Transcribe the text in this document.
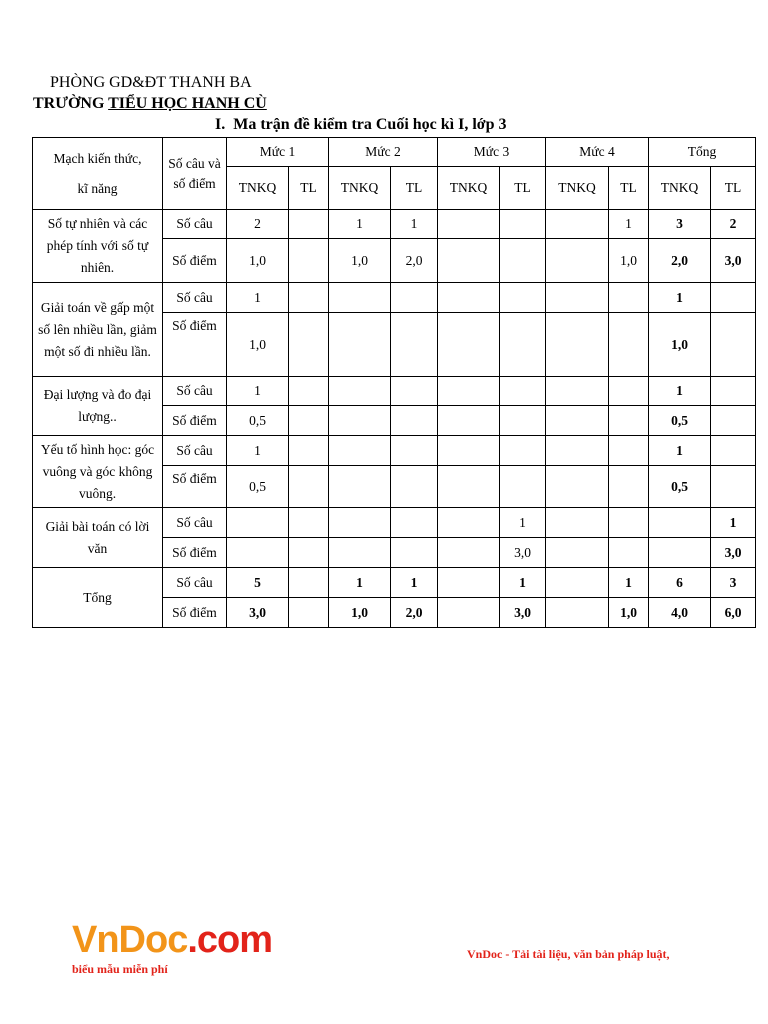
PHÒNG GD&ĐT THANH BA
TRƯỜNG TIỂU HỌC HANH CÙ
I. Ma trận đề kiểm tra Cuối học kì I, lớp 3
Mạch kiến thức,
kĩ năng	Số câu và số điểm	Mức 1		Mức 2		Mức 3		Mức 4		Tổng	
		TNKQ	TL	TNKQ	TL	TNKQ	TL	TNKQ	TL	TNKQ	TL
Số tự nhiên và các phép tính với số tự nhiên.	Số câu	2		1	1				1	3	2
	Số điểm	1,0		1,0	2,0				1,0	2,0	3,0
Giải toán về gấp một số lên nhiều lần, giảm một số đi nhiều lần.	Số câu	1								1	
	Số điểm	1,0								1,0	
Đại lượng và đo đại lượng..	Số câu	1								1	
	Số điểm	0,5								0,5	
Yếu tố hình học: góc vuông và góc không vuông.	Số câu	1								1	
	Số điểm	0,5								0,5	
Giải bài toán có lời văn	Số câu						1				1
	Số điểm						3,0				3,0
Tổng	Số câu	5		1	1		1		1	6	3
	Số điểm	3,0		1,0	2,0		3,0		1,0	4,0	6,0
VnDoc.com
biểu mẫu miễn phí
VnDoc - Tải tài liệu, văn bản pháp luật,
